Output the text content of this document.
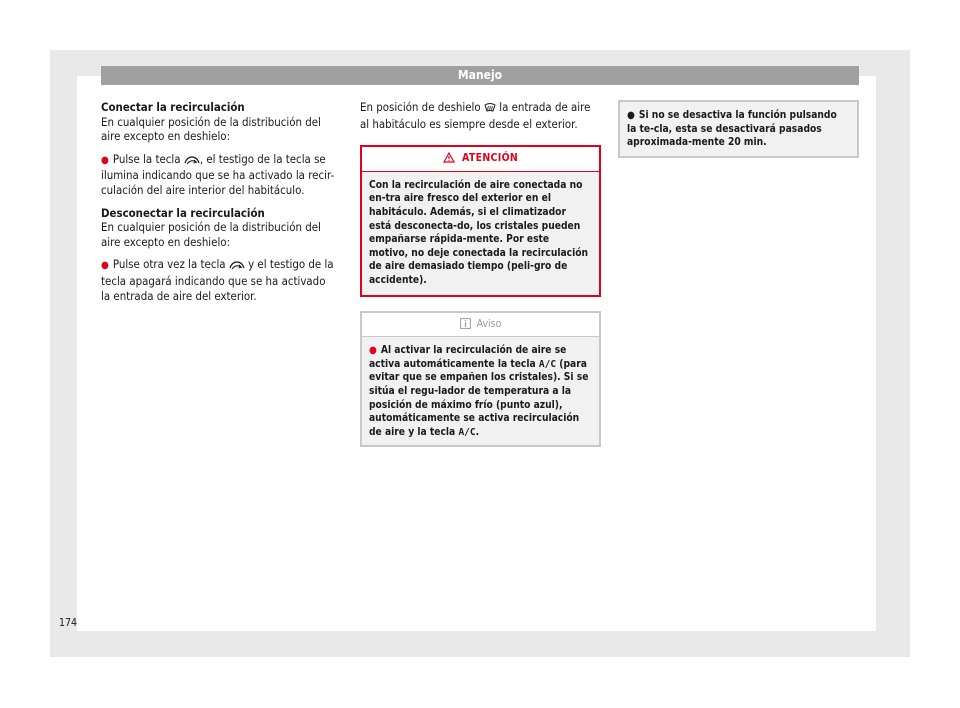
Manejo

Conectar la recirculación

En cualquier posición de la distribución del aire excepto en deshielo:

● Pulse la tecla , el testigo de la tecla se ilumina indicando que se ha activado la recir-culación del aire interior del habitáculo.

Desconectar la recirculación

En cualquier posición de la distribución del aire excepto en deshielo:

● Pulse otra vez la tecla y el testigo de la tecla apagará indicando que se ha activado la entrada de aire del exterior.

En posición de deshielo la entrada de aire al habitáculo es siempre desde el exterior.

ATENCIÓN
Con la recirculación de aire conectada no en-tra aire fresco del exterior en el habitáculo. Además, si el climatizador está desconecta-do, los cristales pueden empañarse rápida-mente. Por este motivo, no deje conectada la recirculación de aire demasiado tiempo (peli-gro de accidente).
Aviso
● Al activar la recirculación de aire se activa automáticamente la tecla A/C (para evitar que se empañen los cristales). Si se sitúa el regu-lador de temperatura a la posición de máximo frío (punto azul), automáticamente se activa recirculación de aire y la tecla A/C.
● Si no se desactiva la función pulsando la te-cla, esta se desactivará pasados aproximada-mente 20 min.
174
